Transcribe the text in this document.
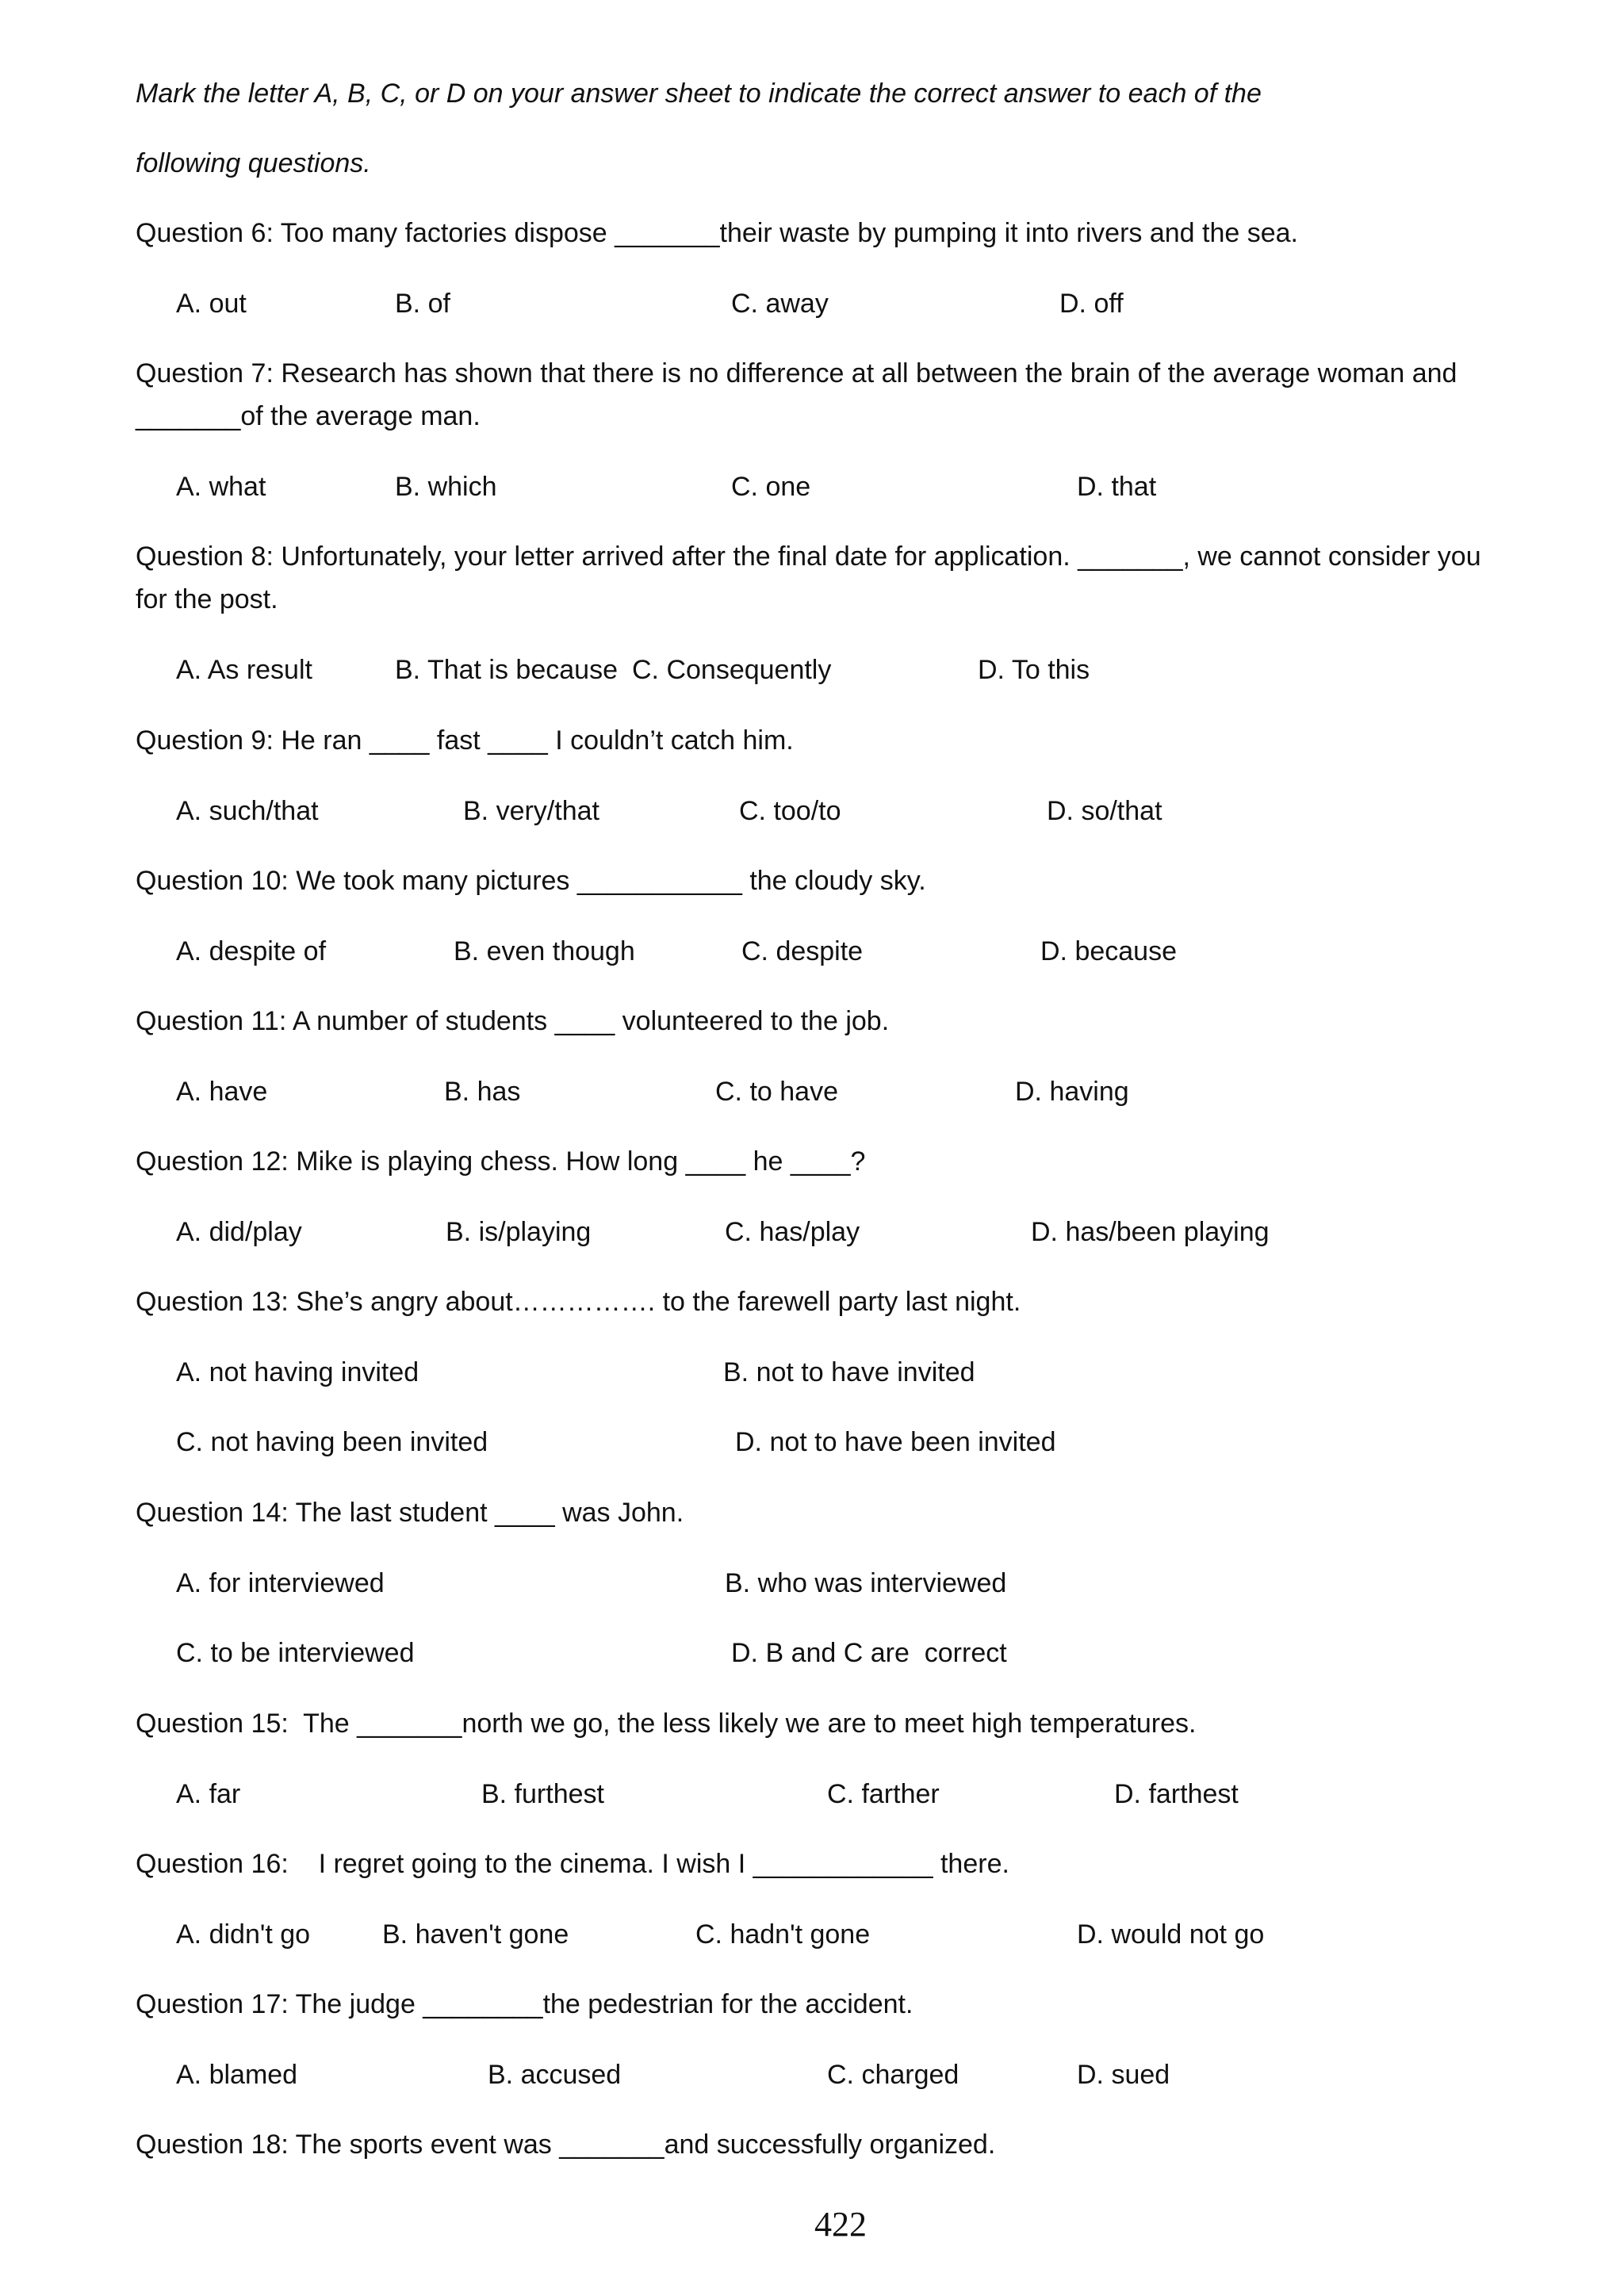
Mark the letter A, B, C, or D on your answer sheet to indicate the correct answer to each of the
following questions.
Question 6: Too many factories dispose _______their waste by pumping it into rivers and the sea.
A. out	B. of	C. away	D. off
Question 7: Research has shown that there is no difference at all between the brain of the average woman and _______of the average man.
A. what	B. which	C. one	D. that
Question 8: Unfortunately, your letter arrived after the final date for application. _______, we cannot consider you for the post.
A. As result	B. That is because C. Consequently	D. To this
Question 9: He ran ____ fast ____ I couldn’t catch him.
A. such/that	B. very/that	C. too/to	D. so/that
Question 10: We took many pictures ___________ the cloudy sky.
A. despite of	B. even though	C. despite	D. because
Question 11: A number of students ____ volunteered to the job.
A. have	B. has	C. to have	D. having
Question 12: Mike is playing chess. How long ____ he ____?
A. did/play	B. is/playing	C. has/play	D. has/been playing
Question 13: She’s angry about……………. to the farewell party last night.
A. not having invited	B. not to have invited
C. not having been invited	D. not to have been invited
Question 14: The last student ____ was John.
A. for interviewed	B. who was interviewed
C. to be interviewed	D. B and C are  correct
Question 15:  The _______north we go, the less likely we are to meet high temperatures.
A. far	B. furthest	C. farther	D. farthest
Question 16:    I regret going to the cinema. I wish I ____________ there.
A. didn't go	B. haven't gone	C. hadn't gone	D. would not go
Question 17: The judge ________the pedestrian for the accident.
A. blamed	B. accused	C. charged	D. sued
Question 18: The sports event was _______and successfully organized.
422
